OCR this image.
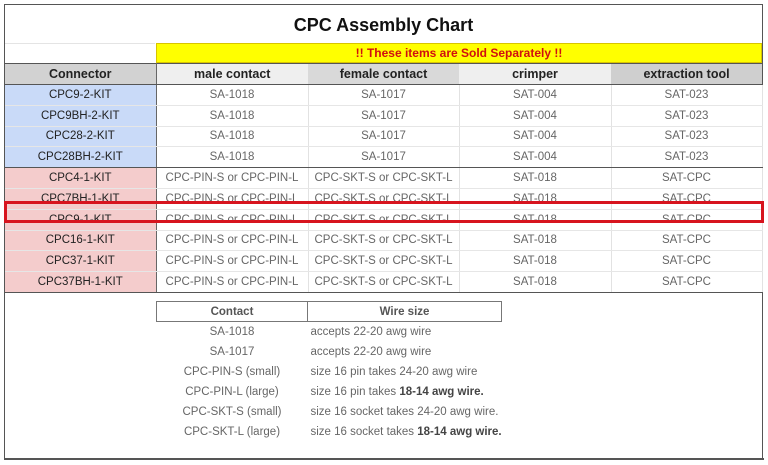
CPC Assembly Chart
!! These items are Sold Separately !!
Connector	male contact	female contact	crimper	extraction tool
CPC9-2-KIT	SA-1018	SA-1017	SAT-004	SAT-023
CPC9BH-2-KIT	SA-1018	SA-1017	SAT-004	SAT-023
CPC28-2-KIT	SA-1018	SA-1017	SAT-004	SAT-023
CPC28BH-2-KIT	SA-1018	SA-1017	SAT-004	SAT-023
CPC4-1-KIT	CPC-PIN-S or CPC-PIN-L	CPC-SKT-S or CPC-SKT-L	SAT-018	SAT-CPC
CPC7BH-1-KIT	CPC-PIN-S or CPC-PIN-L	CPC-SKT-S or CPC-SKT-L	SAT-018	SAT-CPC
CPC9-1-KIT	CPC-PIN-S or CPC-PIN-L	CPC-SKT-S or CPC-SKT-L	SAT-018	SAT-CPC
CPC16-1-KIT	CPC-PIN-S or CPC-PIN-L	CPC-SKT-S or CPC-SKT-L	SAT-018	SAT-CPC
CPC37-1-KIT	CPC-PIN-S or CPC-PIN-L	CPC-SKT-S or CPC-SKT-L	SAT-018	SAT-CPC
CPC37BH-1-KIT	CPC-PIN-S or CPC-PIN-L	CPC-SKT-S or CPC-SKT-L	SAT-018	SAT-CPC
Contact	Wire size
SA-1018	accepts 22-20 awg wire
SA-1017	accepts 22-20 awg wire
CPC-PIN-S (small)	size 16 pin takes 24-20 awg wire
CPC-PIN-L (large)	size 16 pin takes 18-14 awg wire.
CPC-SKT-S (small)	size 16 socket takes 24-20 awg wire.
CPC-SKT-L (large)	size 16 socket takes 18-14 awg wire.
